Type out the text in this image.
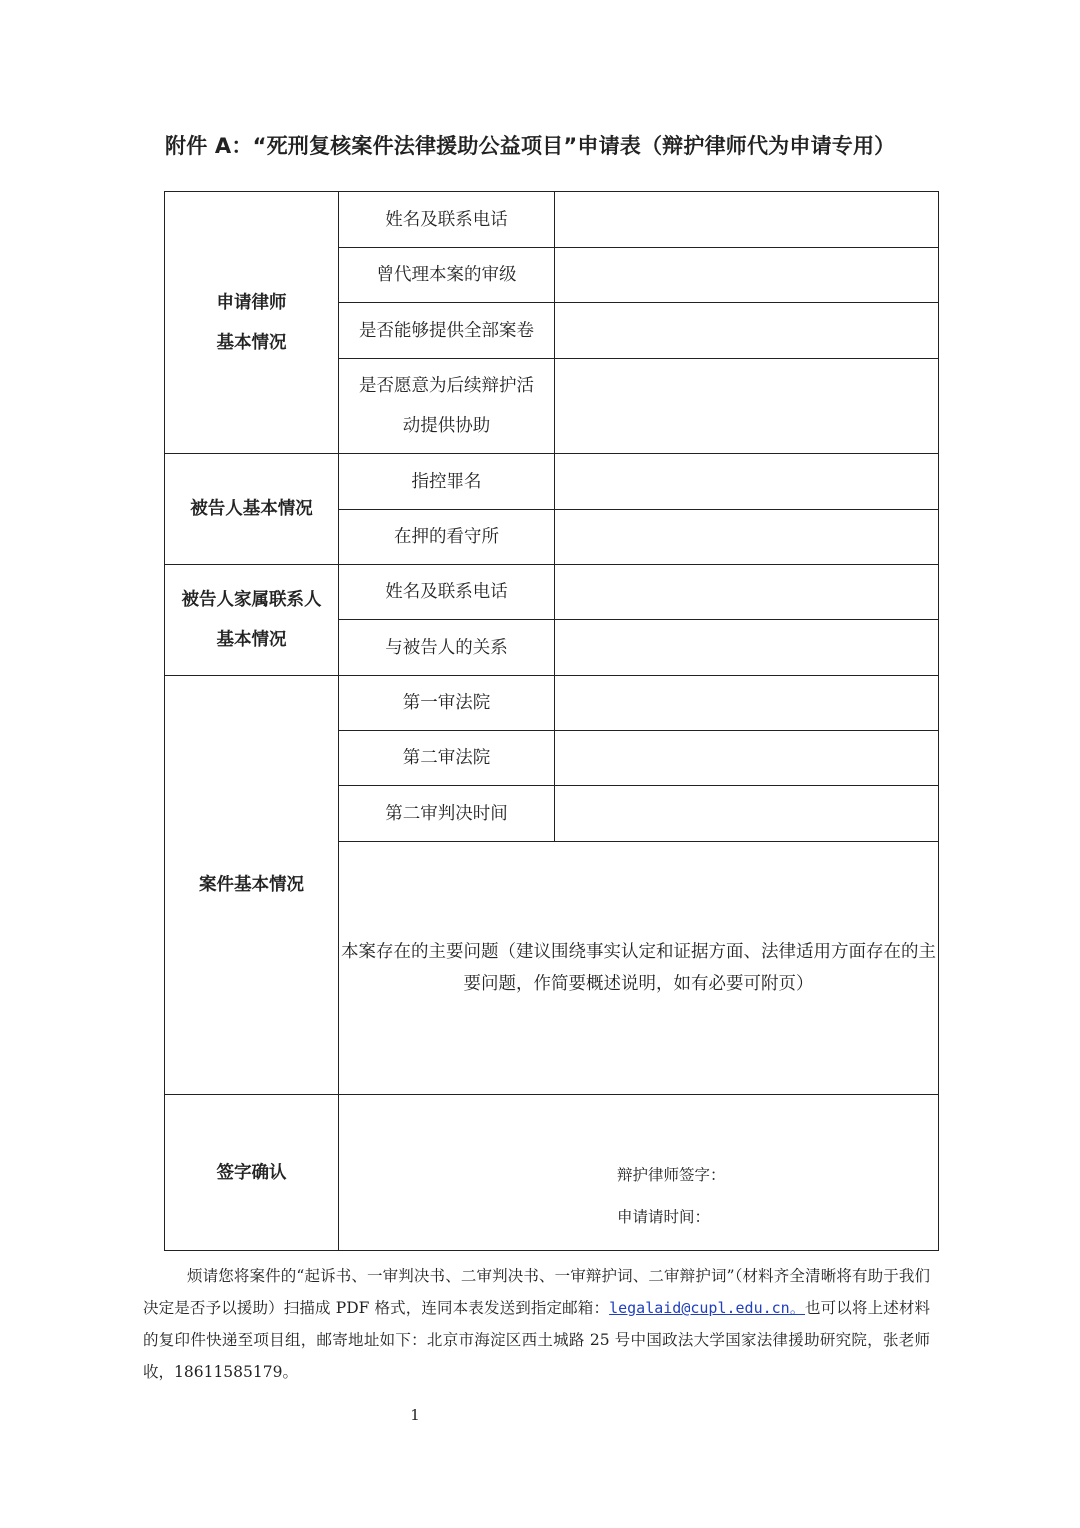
附件 A：“死刑复核案件法律援助公益项目”申请表（辩护律师代为申请专用）
申请律师
基本情况	姓名及联系电话	
	曾代理本案的审级	
	是否能够提供全部案卷	

	是否愿意为后续辩护活
动提供协助	

被告人基本情况	指控罪名	
	在押的看守所	

被告人家属联系人
基本情况	姓名及联系电话	
	与被告人的关系	
案件基本情况	第一审法院	
	第二审法院	
	第二审判决时间	
	本案存在的主要问题（建议围绕事实认定和证据方面、法律适用方面存在的主要问题，作简要概述说明，如有必要可附页）	
签字确认	辩护律师签字：
申请请时间：	
烦请您将案件的“起诉书、一审判决书、二审判决书、一审辩护词、二审辩护词”（材料齐全清晰将有助于我们决定是否予以援助）扫描成 PDF 格式，连同本表发送到指定邮箱：legalaid@cupl.edu.cn。也可以将上述材料的复印件快递至项目组，邮寄地址如下：北京市海淀区西土城路 25 号中国政法大学国家法律援助研究院，张老师收，18611585179。
1
